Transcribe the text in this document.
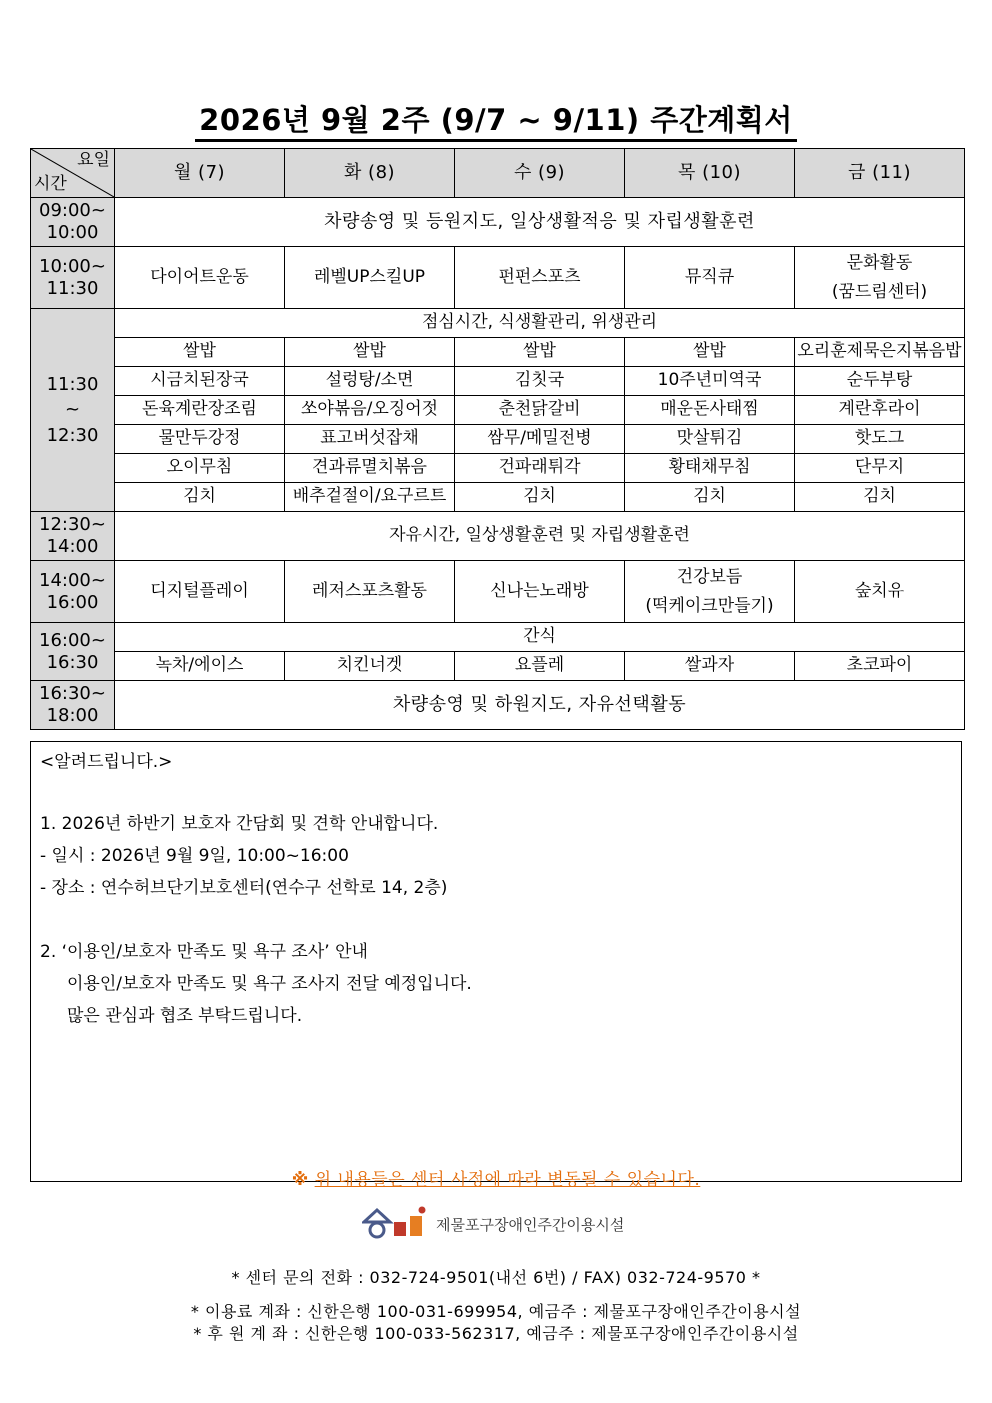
2026년 9월 2주 (9/7 ~ 9/11) 주간계획서
요일
시간	월 (7)	화 (8)	수 (9)	목 (10)	금 (11)
09:00~
10:00	차량송영 및 등원지도, 일상생활적응 및 자립생활훈련				
10:00~
11:30	다이어트운동	레벨UP스킬UP	펀펀스포츠	뮤직큐	문화활동
(꿈드림센터)
11:30
~
12:30	점심시간, 식생활관리, 위생관리				
	쌀밥	쌀밥	쌀밥	쌀밥	오리훈제묵은지볶음밥
	시금치된장국	설렁탕/소면	김칫국	10주년미역국	순두부탕
	돈육계란장조림	쏘야볶음/오징어젓	춘천닭갈비	매운돈사태찜	계란후라이
	물만두강정	표고버섯잡채	쌈무/메밀전병	맛살튀김	핫도그
	오이무침	견과류멸치볶음	건파래튀각	황태채무침	단무지
	김치	배추겉절이/요구르트	김치	김치	김치
12:30~
14:00	자유시간, 일상생활훈련 및 자립생활훈련				
14:00~
16:00	디지털플레이	레저스포츠활동	신나는노래방	건강보듬
(떡케이크만들기)	숲치유
16:00~
16:30	간식				
	녹차/에이스	치킨너겟	요플레	쌀과자	초코파이
16:30~
18:00	차량송영 및 하원지도, 자유선택활동				
<알려드립니다.>
1. 2026년 하반기 보호자 간담회 및 견학 안내합니다.
- 일시 : 2026년 9월 9일, 10:00~16:00
- 장소 : 연수허브단기보호센터(연수구 선학로 14, 2층)
2. ‘이용인/보호자 만족도 및 욕구 조사’ 안내
이용인/보호자 만족도 및 욕구 조사지 전달 예정입니다.
많은 관심과 협조 부탁드립니다.
※ 위 내용들은 센터 사정에 따라 변동될 수 있습니다.
제물포구장애인주간이용시설
* 센터 문의 전화 : 032-724-9501(내선 6번) / FAX) 032-724-9570 *
* 이용료 계좌 : 신한은행 100-031-699954, 예금주 : 제물포구장애인주간이용시설
* 후 원 계 좌 : 신한은행 100-033-562317, 예금주 : 제물포구장애인주간이용시설
